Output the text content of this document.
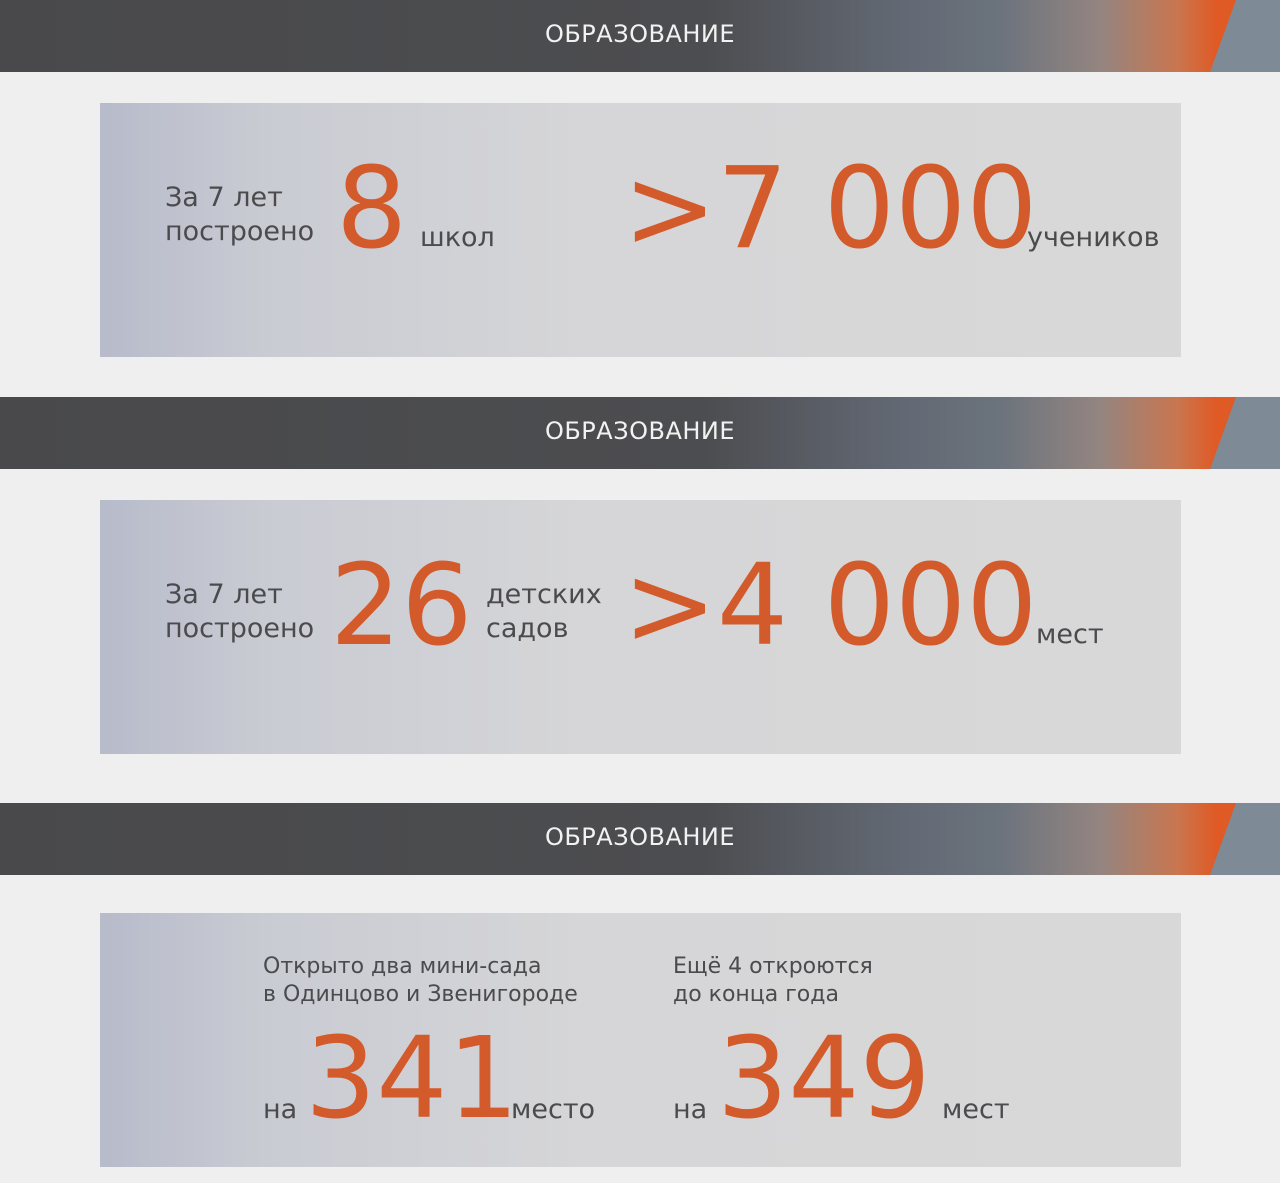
ОБРАЗОВАНИЕ
За 7 лет
построено 8 школ >7 000
учеников
ОБРАЗОВАНИЕ
За 7 лет
построено 26 детских
садов >4 000
мест
ОБРАЗОВАНИЕ
Открыто два мини-сада
в Одинцово и Звенигороде
на 341
место
Ещё 4 откроются
до конца года
на 349 мест
